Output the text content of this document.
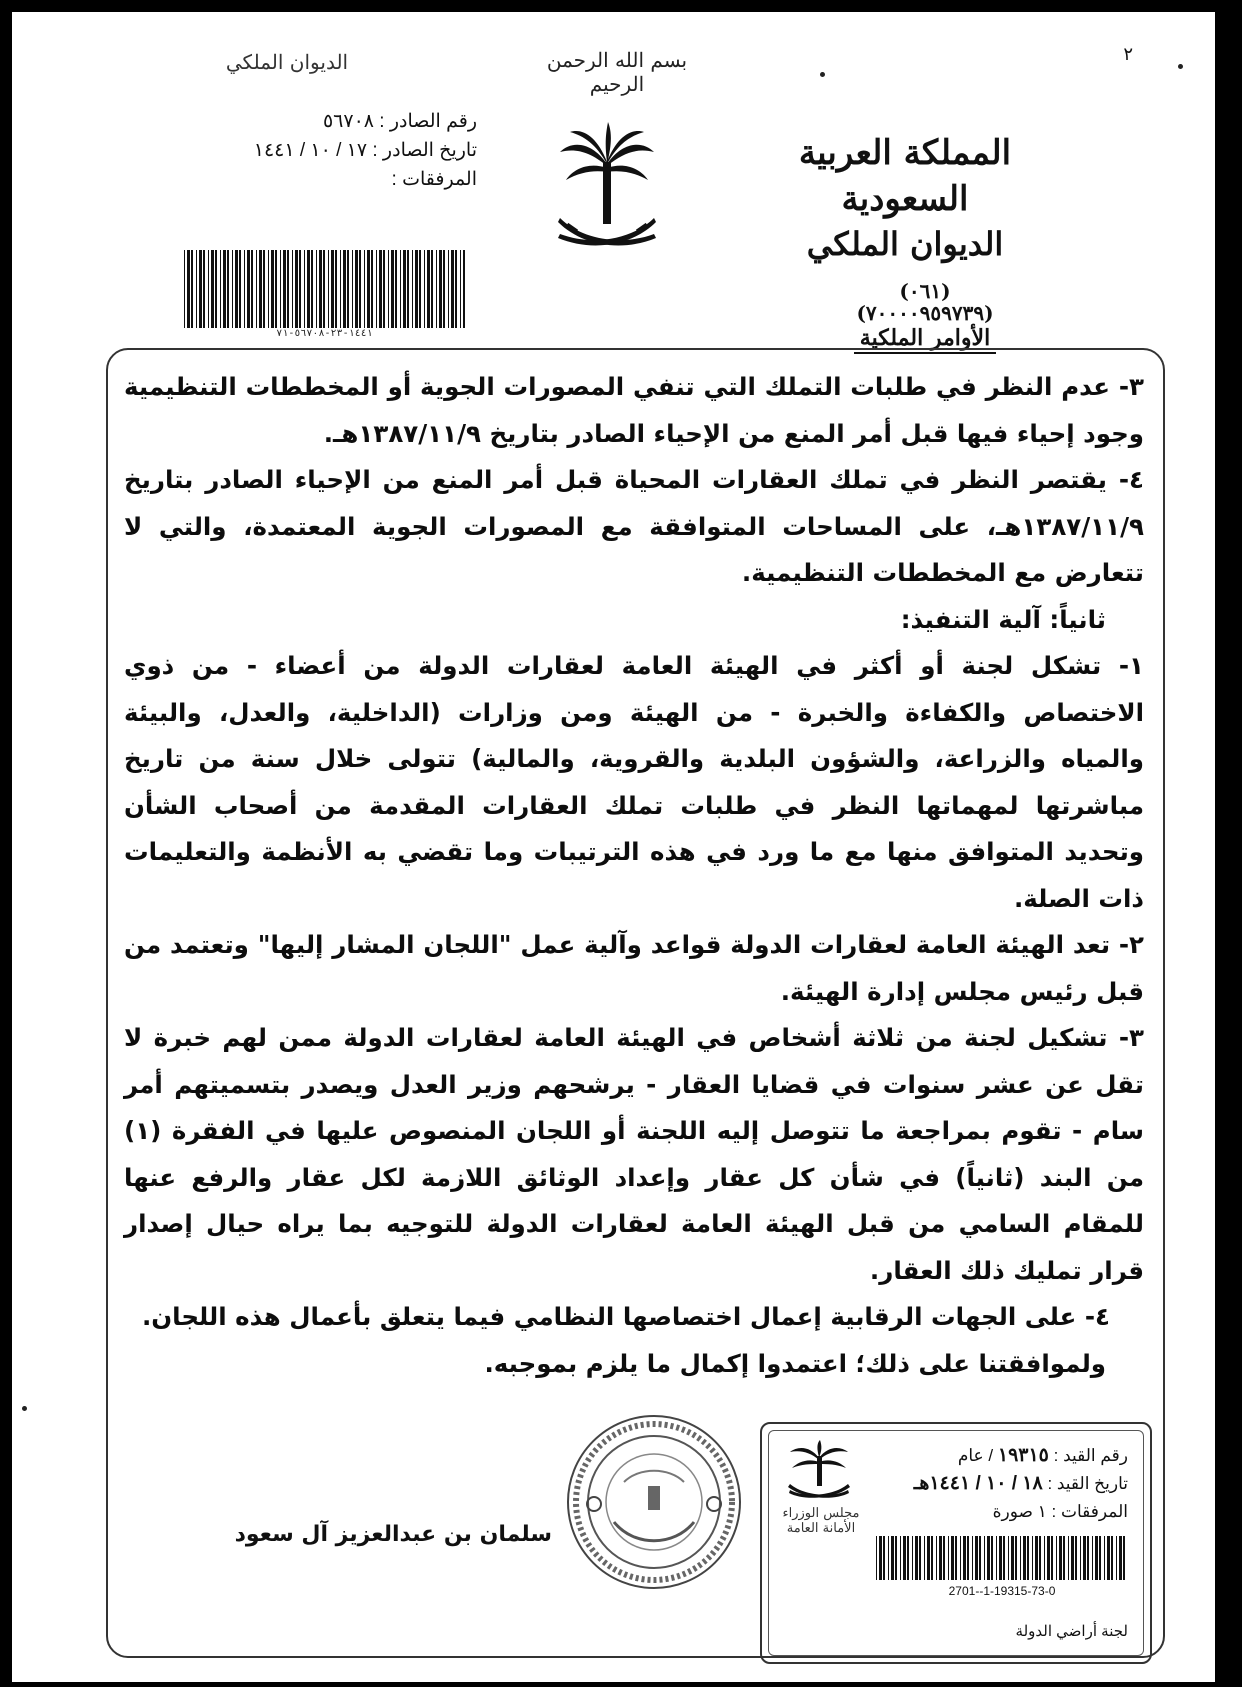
٢
بسم الله الرحمن الرحيم
الديوان الملكي
رقم الصادر : ٥٦٧٠٨
تاريخ الصادر : ١٧ / ١٠ / ١٤٤١
المرفقات :
المملكة العربية السعودية
الديوان الملكي
(٠٦١)
(٧٠٠٠٠٩٥٩٧٣٩)
الأوامر الملكية
١٤٤١-٢٣-٥٦٧٠٨-٧١

٣- عدم النظر في طلبات التملك التي تنفي المصورات الجوية أو المخططات التنظيمية وجود إحياء فيها قبل أمر المنع من الإحياء الصادر بتاريخ ١٣٨٧/١١/٩هـ.

٤- يقتصر النظر في تملك العقارات المحياة قبل أمر المنع من الإحياء الصادر بتاريخ ١٣٨٧/١١/٩هـ، على المساحات المتوافقة مع المصورات الجوية المعتمدة، والتي لا تتعارض مع المخططات التنظيمية.

ثانياً: آلية التنفيذ:

١- تشكل لجنة أو أكثر في الهيئة العامة لعقارات الدولة من أعضاء - من ذوي الاختصاص والكفاءة والخبرة - من الهيئة ومن وزارات (الداخلية، والعدل، والبيئة والمياه والزراعة، والشؤون البلدية والقروية، والمالية) تتولى خلال سنة من تاريخ مباشرتها لمهماتها النظر في طلبات تملك العقارات المقدمة من أصحاب الشأن وتحديد المتوافق منها مع ما ورد في هذه الترتيبات وما تقضي به الأنظمة والتعليمات ذات الصلة.

٢- تعد الهيئة العامة لعقارات الدولة قواعد وآلية عمل "اللجان المشار إليها" وتعتمد من قبل رئيس مجلس إدارة الهيئة.

٣- تشكيل لجنة من ثلاثة أشخاص في الهيئة العامة لعقارات الدولة ممن لهم خبرة لا تقل عن عشر سنوات في قضايا العقار - يرشحهم وزير العدل ويصدر بتسميتهم أمر سام - تقوم بمراجعة ما تتوصل إليه اللجنة أو اللجان المنصوص عليها في الفقرة (١) من البند (ثانياً) في شأن كل عقار وإعداد الوثائق اللازمة لكل عقار والرفع عنها للمقام السامي من قبل الهيئة العامة لعقارات الدولة للتوجيه بما يراه حيال إصدار قرار تمليك ذلك العقار.

٤- على الجهات الرقابية إعمال اختصاصها النظامي فيما يتعلق بأعمال هذه اللجان.

ولموافقتنا على ذلك؛ اعتمدوا إكمال ما يلزم بموجبه.

سلمان بن عبدالعزيز آل سعود
مجلس الوزراء
الأمانة العامة
رقم القيد : ١٩٣١٥ / عام
تاريخ القيد : ١٨ / ١٠ / ١٤٤١هـ
المرفقات : ١ صورة
2701--1-19315-73-0
لجنة أراضي الدولة
